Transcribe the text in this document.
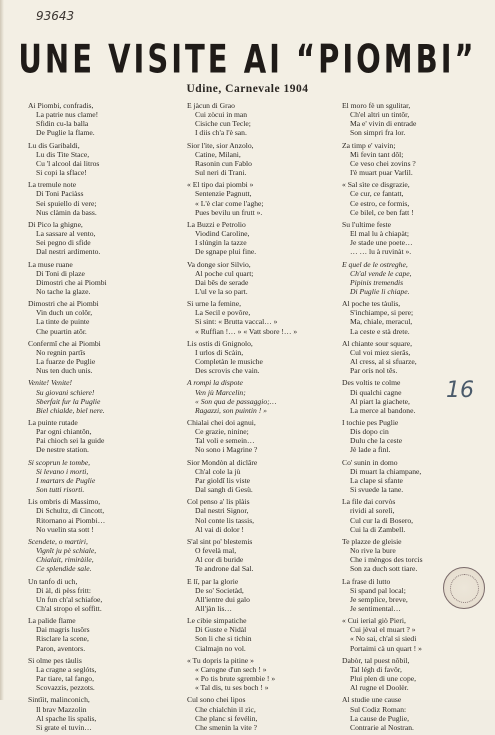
93643
UNE VISITE AI “PIOMBI”
Udine, Carnevale 1904
Ai Piombi, confradis,
La patrie nus clame!
Sfidin cu-la balla
De Puglie la flame.
Lu dis Garibaldi,
Lu dis Tite Stace,
Cu 'l alcool dai litros
Si copi la sflace!
La tremule note
Di Toni Paciàss
Sei spuiello di vere;
Nus clàmin da bass.
Di Pico la ghigne,
La sassare al vento,
Sei pegno di sfide
Dal nestri ardimento.
La muse ruane
Di Toni di plaze
Dimostri che ai Piombi
No tache la glaze.
Dimostri che ai Piombi
Vin duch un colôr,
La tinte de puinte
Che puartin atôr.
Confermî che ai Piombi
No regnin partîs
La fuarze de Puglie
Nus ten duch unis.
Venite! Venite!
Su giovani schiere!
Sberfait fur la Puglie
Biel chialde, biel nere.
La puinte rutade
Par ogni chiantôn,
Pai chioch sei la guide
De nestre station.
Si scoprun le tombe,
Si levano i morti,
I martars de Puglie
Son tutti risorti.
Lis ombris di Massimo,
Di Schultz, di Cincott,
Ritornano ai Piombi…
No vuelin sta sott !
Scendete, o martiri,
Vignît ju pè schiale,
Chialait, rimiràile,
Ce splendide sale.
Un tanfo di uch,
Di àl, di pèss fritt:
Un fun ch'al schiafoe,
Ch'al stropo el soffitt.
La palide flame
Dai magris lusôrs
Risclare la scene,
Paron, aventors.
Si olme pes tàulis
La cragne a seglóts,
Par tiare, tal fango,
Scovazzis, pezzots.
Sintîit, malinconich,
Il brav Mazzolin
Al spache lis spalis,
Si grate el tuvin…
E jàcun di Grao
Cui zòcui in man
Cisiche cun Tecle;
I diis ch'a l'è san.
Sior l'ite, sior Anzolo,
Catine, Milani,
Rasonin cun Fablo
Sul neri di Trani.
« El tipo dai piombi »
Sentenzie Pagnutt,
« L'è clar come l'aghe;
Pues bevilu un frutt ».
La Buzzi e Petrolio
Viodind Caroline,
I slúngin la tazze
De sgnape plui fine.
Va donge sior Silvio,
Al poche cul quart;
Dai bês de serade
L'ul ve la so part.
Si urne la femine,
La Secil e povôre,
Si sint: « Brutta vaccal… »
« Ruffian !… » « Vatt sbore !… »
Lis ostis di Gnignolo,
I urlos di Scàin,
Completàn le musiche
Des scrovis che vain.
A rompi la dispote
Ven jù Marcelin;
« Son qua de passaggio;…
Ragazzi, son puintin ! »
Chialai chei doi agnui,
Ce grazie, ninine;
Tal voli e semein…
No sono i Magrine ?
Sior Mondòn al diclâre
Ch'al cole la jù
Par gioldî lis viste
Dal sangh di Gesù.
Col penso a' lis plàis
Dal nestri Signor,
Nol conte lis tassis,
Al vai di dolor !
S'al sint po' blestemis
O fevelà mal,
Al cor di buride
Te androne dal Sal.
E lî, par la glorie
De so' Societàd,
All'ientre dui galo
All'jàn lis…
Le cibie simpatiche
Di Guste e Nidàl
Son li che si tichin
Cialmajn no vol.
« Tu dopris la pitine »
« Carogne d'un sech ! »
« Po tis brute sgrembie ! »
« Tal dis, tu ses boch ! »
Cul sono chei lipos
Che chialchin il zìc,
Che planc si fevélin,
Che smenin la vite ?
El moro fè un sgulitar,
Ch'el altri un tintôr,
Ma e' vivin di entrade
Son simpri fra lor.
Za timp e' vaivin;
Mi fevin tant dôl;
Ce veso chei zovins ?
I'è muart puar Varlìl.
« Sal sìte ce disgrazie,
Ce cur, ce fantatt,
Ce estro, ce formis,
Ce bilel, ce ben fatt !
Su l'ultime feste
El mal lu à chiapàt;
Je stade une poete…
… … lu à ruvinàt ».
E quel de le ostreghe,
Ch'al vende le cape,
Pipinis tremendis
Di Puglie li chiape.
Al poche tes tàulis,
S'inchiampe, si pere;
Ma, chiale, meracul,
La ceste e stà drete.
Al chiante sour square,
Cul voi miez sierâs,
Al cress, al si sfuarze,
Par orís nol tês.
Des voltis te colme
Di qualchi cagne
Al piart la giachete,
La merce al bandone.
I tochie pes Puglie
Dis dopo cin
Dulu che la ceste
Jè lade a finl.
Co' sunin in domo
Di muart la chiampane,
La clape si sfante
Si svuede la tane.
La file dai corvòs
rividi al sorelì,
Cul cur la di Bosero,
Cui la di Zambell.
Te plazze de gleisie
No rive la bure
Che i mèngos des torcis
Son za duch sott tiare.
La frase di lutto
Si spand pal local;
Je semplice, breve,
Je sentimental…
« Cui ierial giò Pieri,
Cui jèval el muart ? »
« No sai, ch'al si siedi
Portaimi cà un quart ! »
Dabòr, tal puest nôbil,
Tal légh di favôr,
Plui plen di une cope,
Al rugne el Doolèr.
Al studie une cause
Sul Codiz Roman:
La cause de Puglie,
Contrarie al Nostran.
16
